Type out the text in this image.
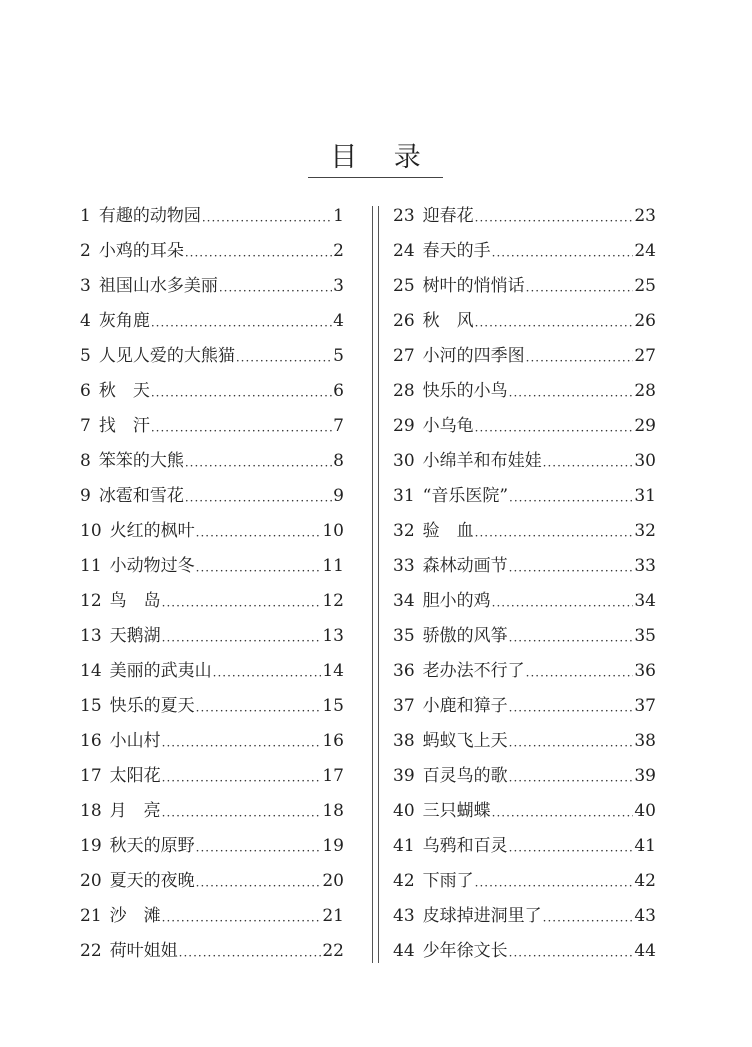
目 录
1 有趣的动物园 ·····	1
2 小鸡的耳朵 ·····	2
3 祖国山水多美丽 ·····	3
4 灰角鹿 ·····	4
5 人见人爱的大熊猫 ·····	5
6 秋　天 ·····	6
7 找　汗 ·····	7
8 笨笨的大熊 ·····	8
9 冰雹和雪花 ·····	9
10 火红的枫叶 ·····	10
11 小动物过冬 ·····	11
12 鸟　岛 ·····	12
13 天鹅湖 ·····	13
14 美丽的武夷山 ·····	14
15 快乐的夏天 ·····	15
16 小山村 ·····	16
17 太阳花 ·····	17
18 月　亮 ·····	18
19 秋天的原野 ·····	19
20 夏天的夜晚 ·····	20
21 沙　滩 ·····	21
22 荷叶姐姐 ·····	22
23 迎春花 ·····	23
24 春天的手 ·····	24
25 树叶的悄悄话 ·····	25
26 秋　风 ·····	26
27 小河的四季图 ·····	27
28 快乐的小鸟 ·····	28
29 小乌龟 ·····	29
30 小绵羊和布娃娃 ·····	30
31 “音乐医院” ·····	31
32 验　血 ·····	32
33 森林动画节 ·····	33
34 胆小的鸡 ·····	34
35 骄傲的风筝 ·····	35
36 老办法不行了 ·····	36
37 小鹿和獐子 ·····	37
38 蚂蚁飞上天 ·····	38
39 百灵鸟的歌 ·····	39
40 三只蝴蝶 ·····	40
41 乌鸦和百灵 ·····	41
42 下雨了 ·····	42
43 皮球掉进洞里了 ·····	43
44 少年徐文长 ·····	44
